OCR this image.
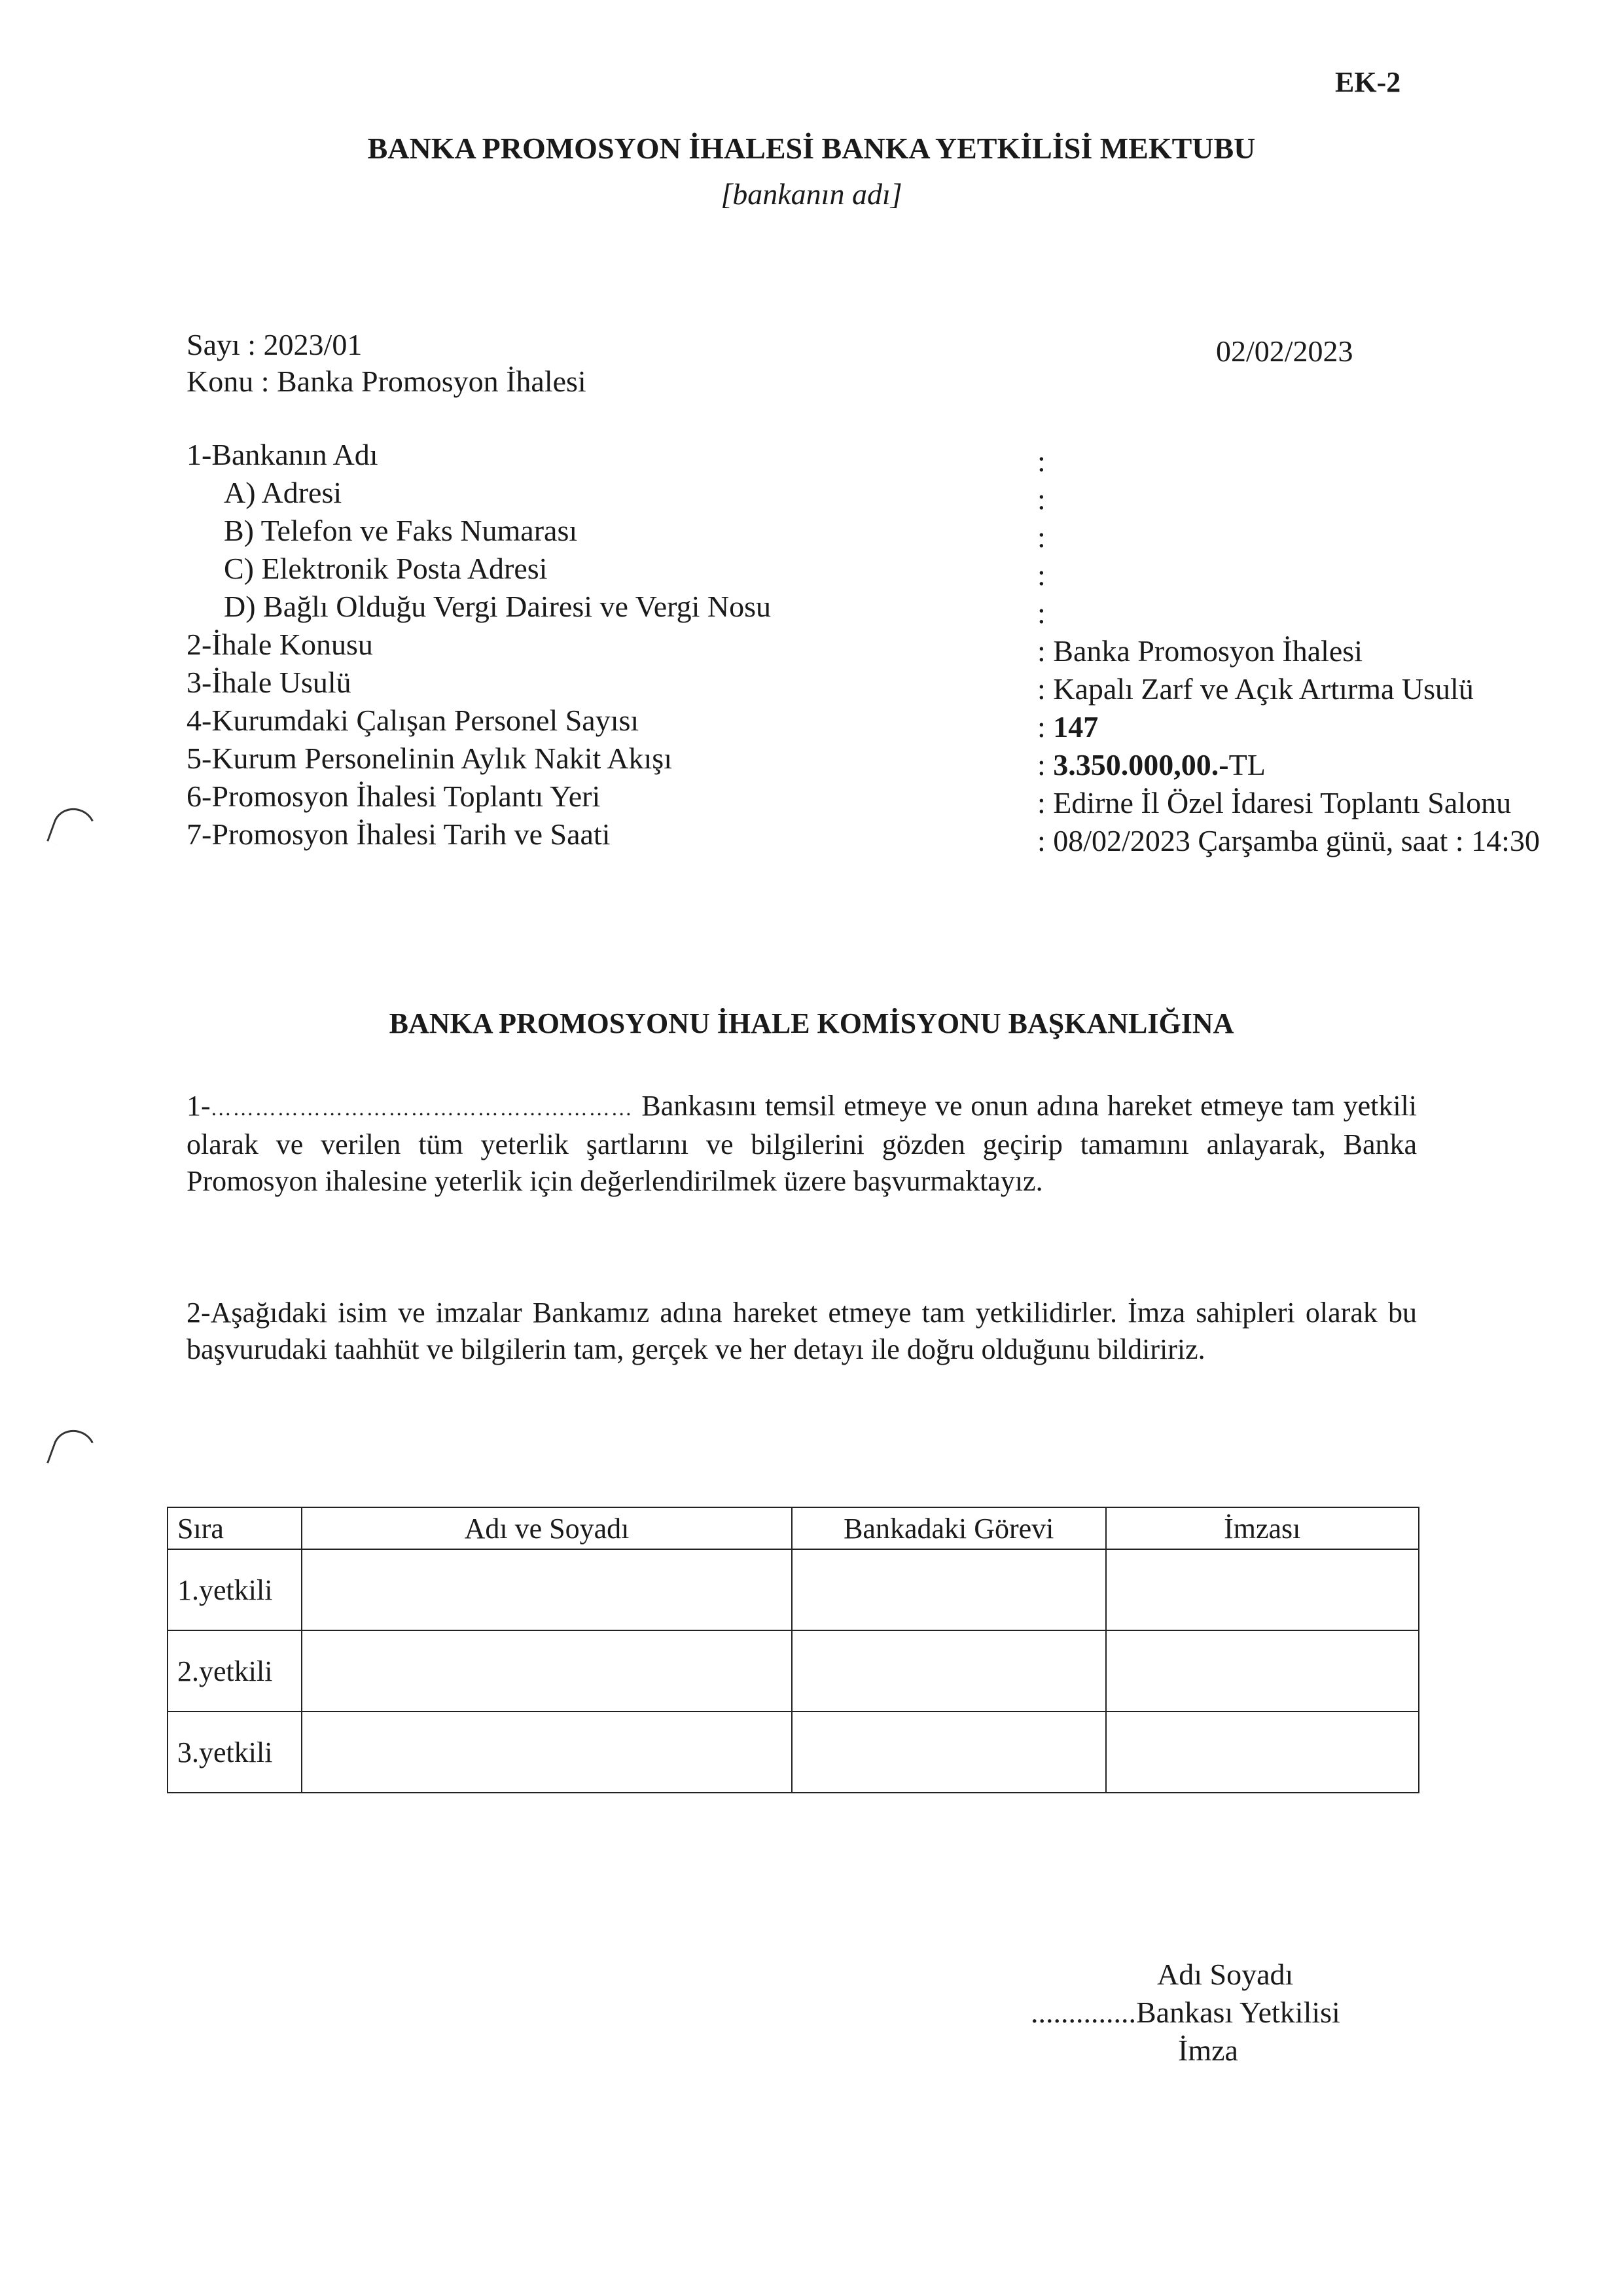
EK-2
BANKA PROMOSYON İHALESİ BANKA YETKİLİSİ MEKTUBU
[bankanın adı]
Sayı : 2023/01
Konu : Banka Promosyon İhalesi
02/02/2023
1-Bankanın Adı	:
A) Adresi	:
B) Telefon ve Faks Numarası	:
C) Elektronik Posta Adresi	:
D) Bağlı Olduğu Vergi Dairesi ve Vergi Nosu	:
2-İhale Konusu	: Banka Promosyon İhalesi
3-İhale Usulü	: Kapalı Zarf ve Açık Artırma Usulü
4-Kurumdaki Çalışan Personel Sayısı	: 147
5-Kurum Personelinin Aylık Nakit Akışı	: 3.350.000,00.-TL
6-Promosyon İhalesi Toplantı Yeri	: Edirne İl Özel İdaresi Toplantı Salonu
7-Promosyon İhalesi Tarih ve Saati	: 08/02/2023 Çarşamba günü, saat : 14:30
BANKA PROMOSYONU İHALE KOMİSYONU BAŞKANLIĞINA
1-………………………………………………… Bankasını temsil etmeye ve onun adına hareket etmeye tam yetkili olarak ve verilen tüm yeterlik şartlarını ve bilgilerini gözden geçirip tamamını anlayarak, Banka Promosyon ihalesine yeterlik için değerlendirilmek üzere başvurmaktayız.
2-Aşağıdaki isim ve imzalar Bankamız adına hareket etmeye tam yetkilidirler. İmza sahipleri olarak bu başvurudaki taahhüt ve bilgilerin tam, gerçek ve her detayı ile doğru olduğunu bildiririz.
Sıra	Adı ve Soyadı	Bankadaki Görevi	İmzası
1.yetkili			
2.yetkili			
3.yetkili			
Adı Soyadı
..............Bankası Yetkilisi
İmza
